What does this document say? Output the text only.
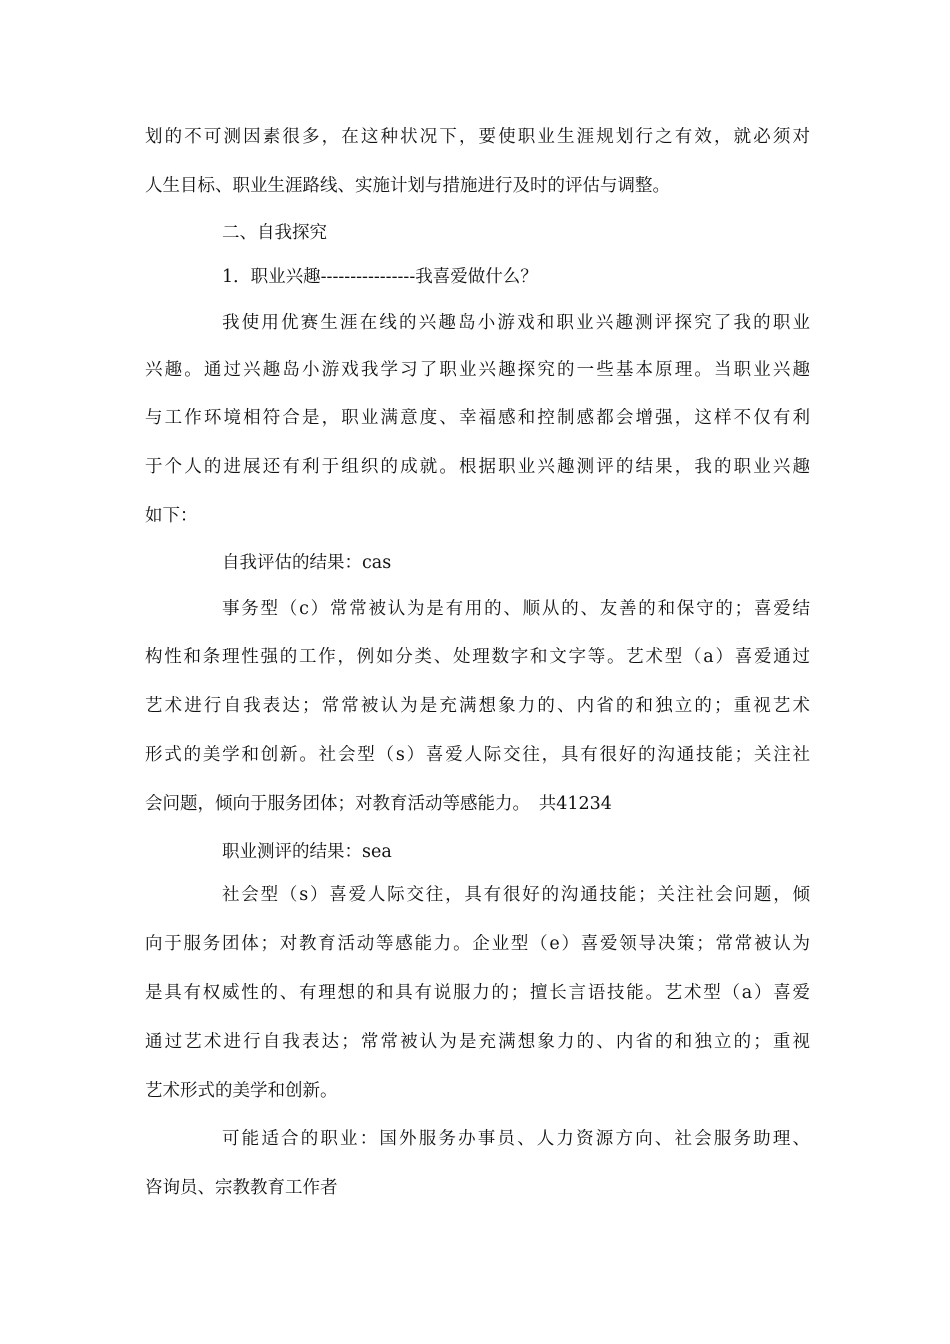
划的不可测因素很多，在这种状况下，要使职业生涯规划行之有效，就必须对
人生目标、职业生涯路线、实施计划与措施进行及时的评估与调整。
二、自我探究
1．职业兴趣----------------我喜爱做什么？
我使用优赛生涯在线的兴趣岛小游戏和职业兴趣测评探究了我的职业
兴趣。通过兴趣岛小游戏我学习了职业兴趣探究的一些基本原理。当职业兴趣
与工作环境相符合是，职业满意度、幸福感和控制感都会增强，这样不仅有利
于个人的进展还有利于组织的成就。根据职业兴趣测评的结果，我的职业兴趣
如下：
自我评估的结果：cas
事务型（c）常常被认为是有用的、顺从的、友善的和保守的；喜爱结
构性和条理性强的工作，例如分类、处理数字和文字等。艺术型（a）喜爱通过
艺术进行自我表达；常常被认为是充满想象力的、内省的和独立的；重视艺术
形式的美学和创新。社会型（s）喜爱人际交往，具有很好的沟通技能；关注社
会问题，倾向于服务团体；对教育活动等感能力。　共41234
职业测评的结果：sea
社会型（s）喜爱人际交往，具有很好的沟通技能；关注社会问题，倾
向于服务团体；对教育活动等感能力。企业型（e）喜爱领导决策；常常被认为
是具有权威性的、有理想的和具有说服力的；擅长言语技能。艺术型（a）喜爱
通过艺术进行自我表达；常常被认为是充满想象力的、内省的和独立的；重视
艺术形式的美学和创新。
可能适合的职业：国外服务办事员、人力资源方向、社会服务助理、
咨询员、宗教教育工作者
